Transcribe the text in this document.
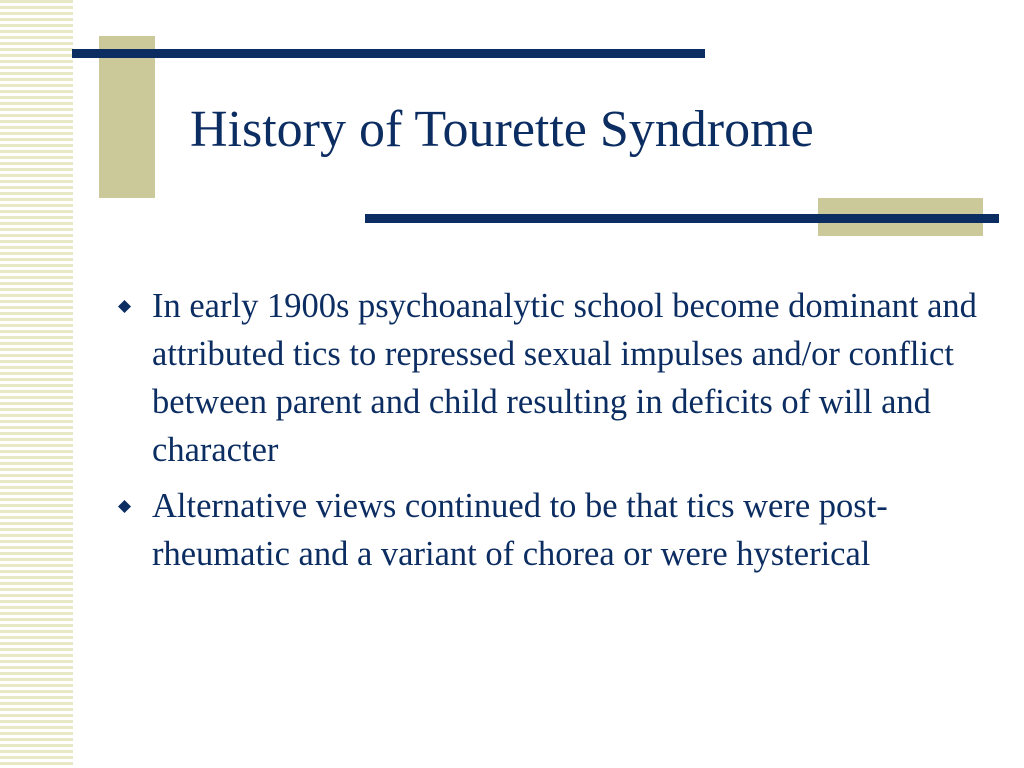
History of Tourette Syndrome
In early 1900s psychoanalytic school become dominant and attributed tics to repressed sexual impulses and/or conflict between parent and child resulting in deficits of will and character
Alternative views continued to be that tics were post-rheumatic and a variant of chorea or were hysterical
